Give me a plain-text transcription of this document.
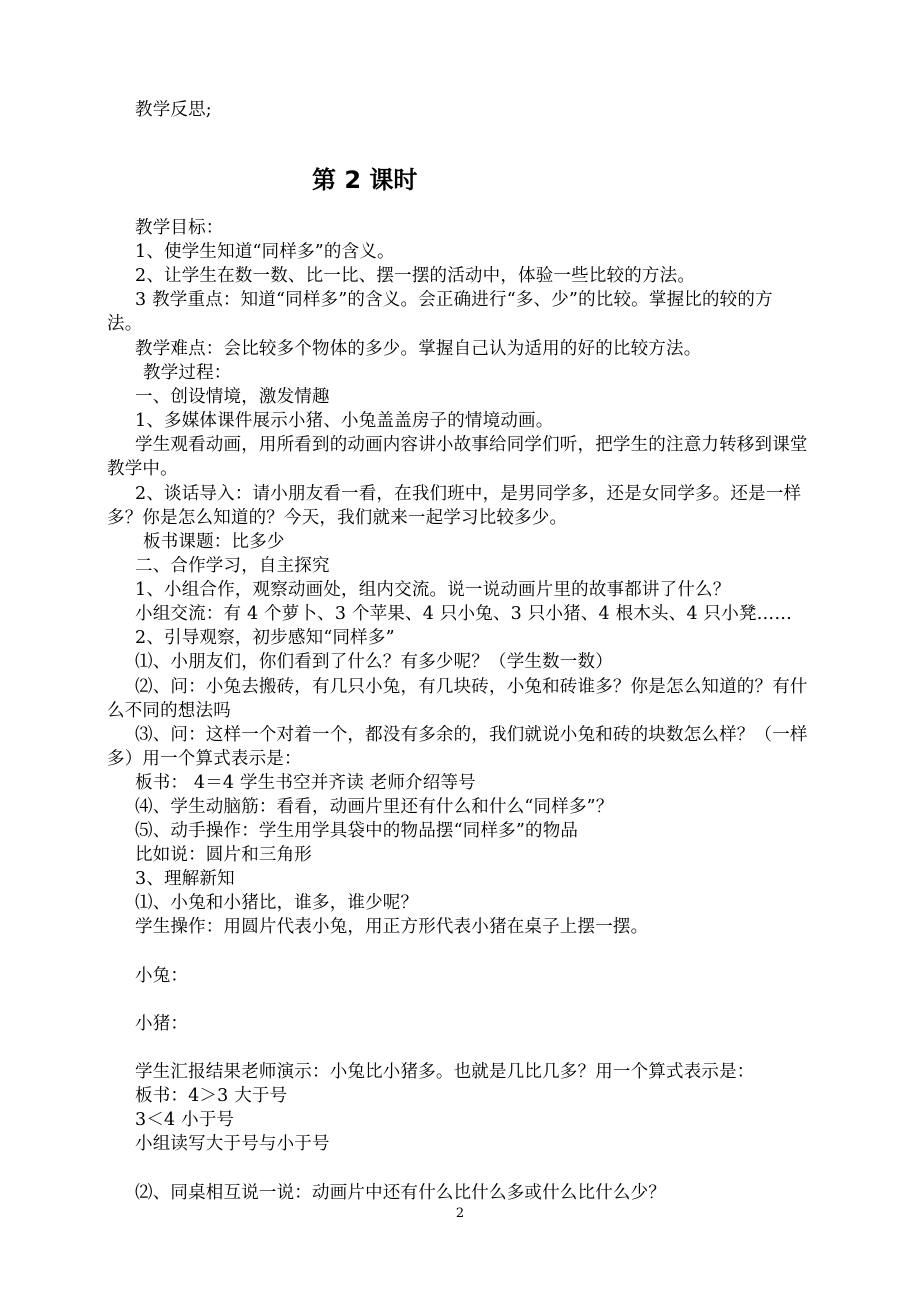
教学反思;
第 2 课时
教学目标：
1、使学生知道“同样多”的含义。
2、让学生在数一数、比一比、摆一摆的活动中，体验一些比较的方法。
3 教学重点：知道“同样多”的含义。会正确进行“多、少”的比较。掌握比的较的方
法。
教学难点：会比较多个物体的多少。掌握自己认为适用的好的比较方法。
教学过程：
一、创设情境，激发情趣
1、多媒体课件展示小猪、小兔盖盖房子的情境动画。
学生观看动画，用所看到的动画内容讲小故事给同学们听，把学生的注意力转移到课堂
教学中。
2、谈话导入：请小朋友看一看，在我们班中，是男同学多，还是女同学多。还是一样
多？你是怎么知道的？今天，我们就来一起学习比较多少。
板书课题：比多少
二、合作学习，自主探究
1、小组合作，观察动画处，组内交流。说一说动画片里的故事都讲了什么？
小组交流：有 4 个萝卜、3 个苹果、4 只小兔、3 只小猪、4 根木头、4 只小凳……
2、引导观察，初步感知“同样多”
⑴、小朋友们，你们看到了什么？有多少呢？（学生数一数）
⑵、问：小兔去搬砖，有几只小兔，有几块砖，小兔和砖谁多？你是怎么知道的？有什
么不同的想法吗
⑶、问：这样一个对着一个，都没有多余的，我们就说小兔和砖的块数怎么样？（一样
多）用一个算式表示是：
板书： 4＝4 学生书空并齐读 老师介绍等号
⑷、学生动脑筋：看看，动画片里还有什么和什么“同样多”？
⑸、动手操作：学生用学具袋中的物品摆“同样多”的物品
比如说：圆片和三角形
3、理解新知
⑴、小兔和小猪比，谁多，谁少呢？
学生操作：用圆片代表小兔，用正方形代表小猪在桌子上摆一摆。
小兔：
小猪：
学生汇报结果老师演示：小兔比小猪多。也就是几比几多？用一个算式表示是：
板书：4＞3 大于号
3＜4 小于号
小组读写大于号与小于号
⑵、同桌相互说一说：动画片中还有什么比什么多或什么比什么少？
2
